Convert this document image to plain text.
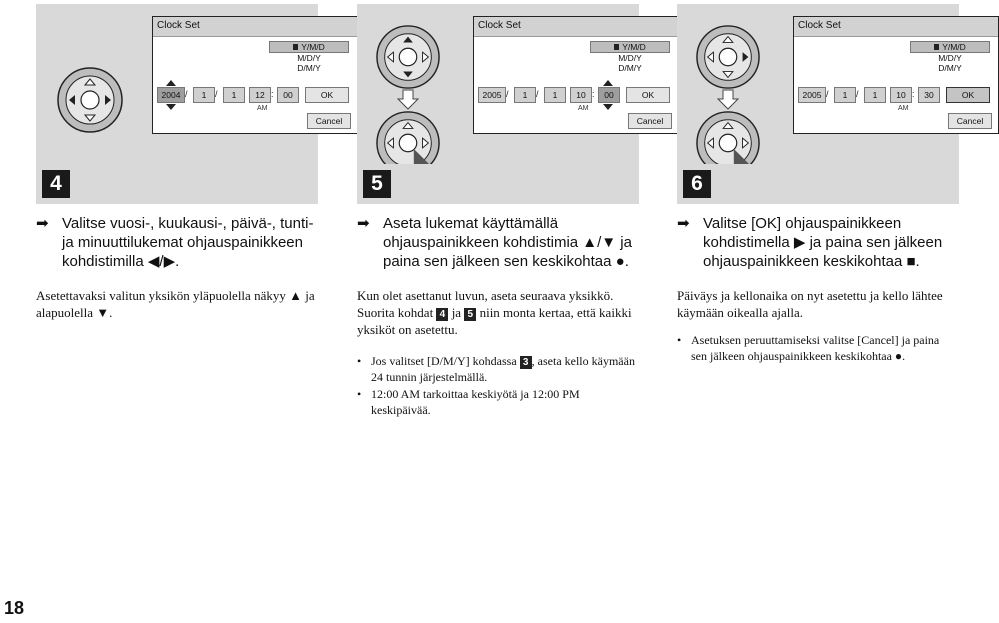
Clock Set
Y/M/D
M/D/Y
D/M/Y
2004 /	1 /	1	12 :	00	OK
AM
Cancel
Clock Set
Y/M/D
M/D/Y
D/M/Y
2005 /	1 /	1	10 :	00	OK
AM
Cancel
Clock Set
Y/M/D
M/D/Y
D/M/Y
2005 /	1 /	1	10 :	30	OK
AM
Cancel
4	5	6
➡ Valitse vuosi-, kuukausi-, päivä-, tunti- ja minuuttilukemat ohjauspainikkeen kohdistimilla ◀/▶.
Asetettavaksi valitun yksikön yläpuolella näkyy ▲ ja alapuolella ▼.
➡ Aseta lukemat käyttämällä ohjauspainikkeen kohdistimia ▲/▼ ja paina sen jälkeen sen keskikohtaa ●.
Kun olet asettanut luvun, aseta seuraava yksikkö. Suorita kohdat 4 ja 5 niin monta kertaa, että kaikki yksiköt on asetettu.
• Jos valitset [D/M/Y] kohdassa 3 , aseta kello käymään 24 tunnin järjestelmällä.
• 12:00 AM tarkoittaa keskiyötä ja 12:00 PM keskipäivää.
➡ Valitse [OK] ohjauspainikkeen kohdistimella ▶ ja paina sen jälkeen ohjauspainikkeen keskikohtaa ■.
Päiväys ja kellonaika on nyt asetettu ja kello lähtee käymään oikealla ajalla.
• Asetuksen peruuttamiseksi valitse [Cancel] ja paina sen jälkeen ohjauspainikkeen keskikohtaa ●.
18
